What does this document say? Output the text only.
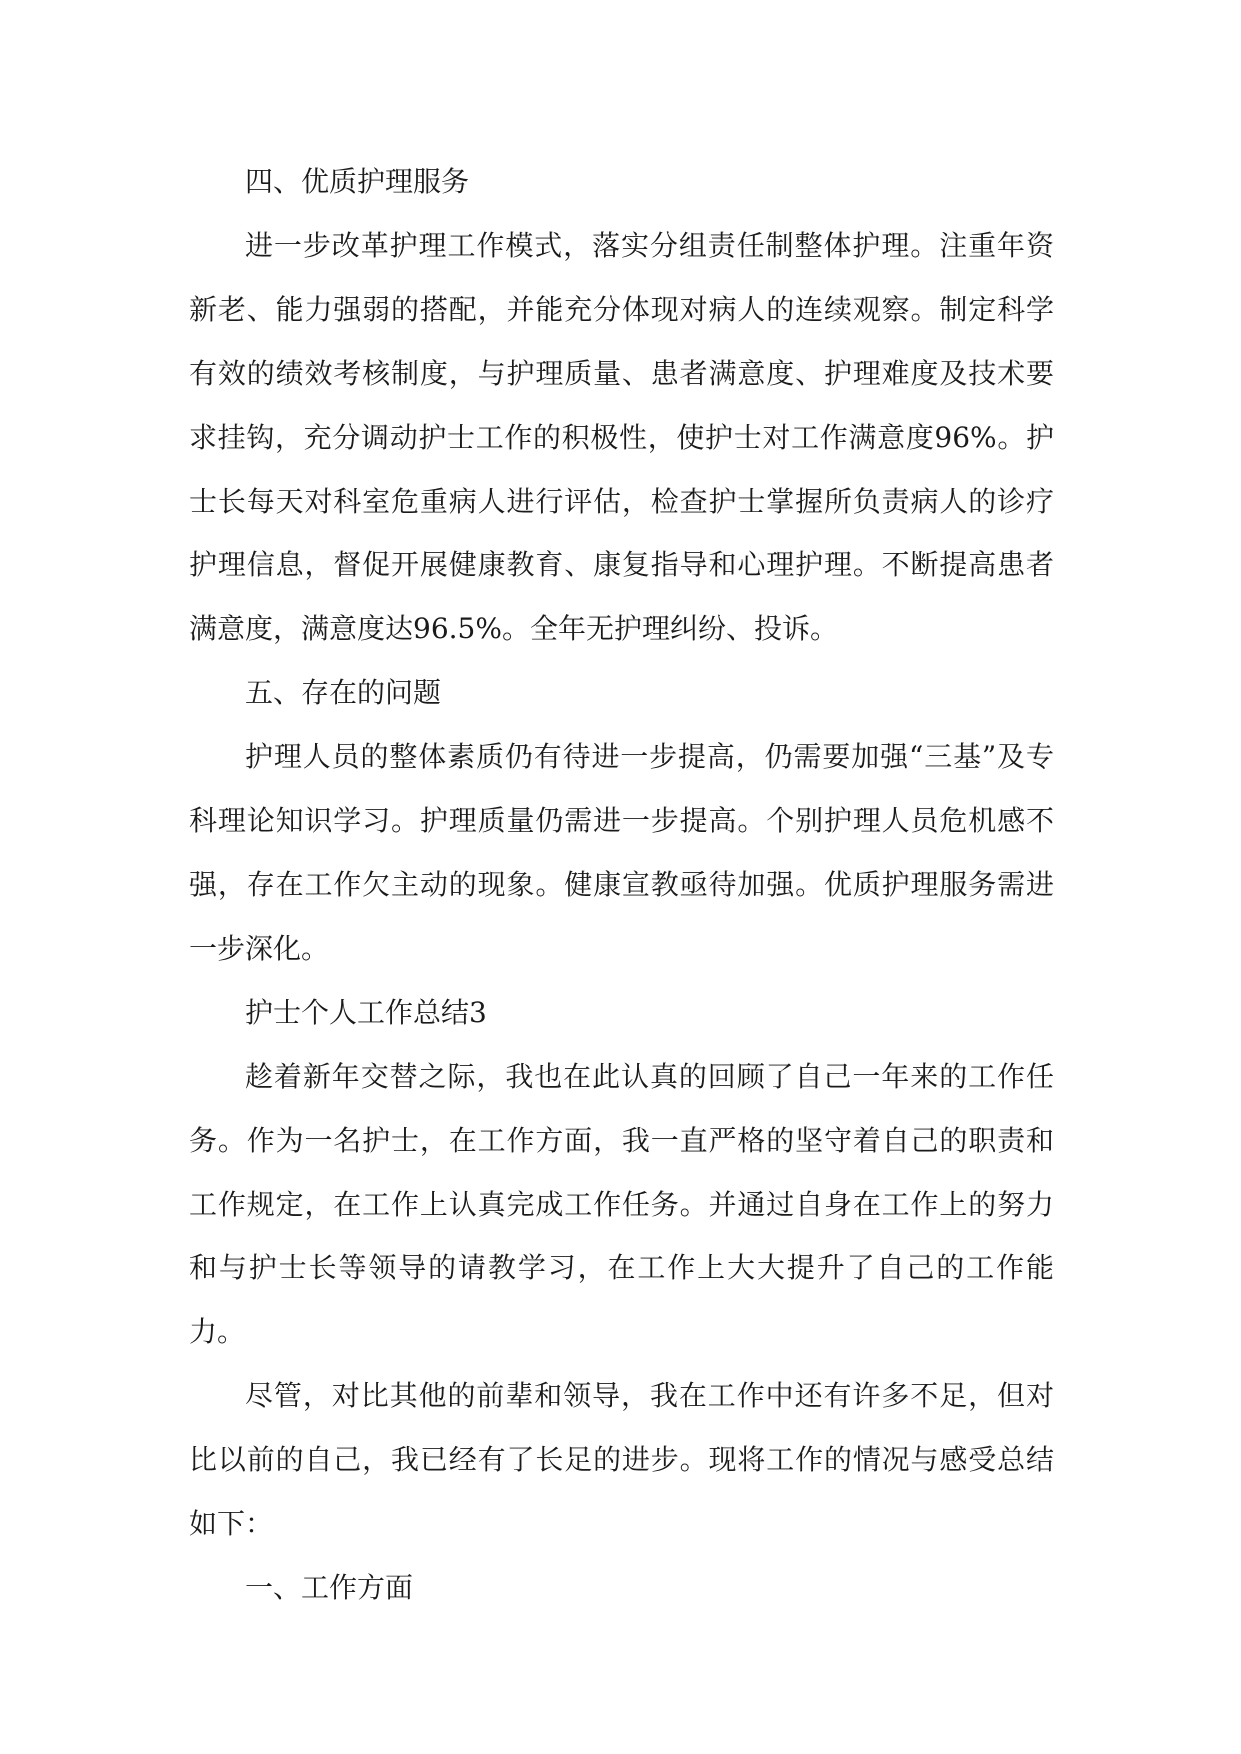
四、优质护理服务

进一步改革护理工作模式，落实分组责任制整体护理。注重年资新老、能力强弱的搭配，并能充分体现对病人的连续观察。制定科学有效的绩效考核制度，与护理质量、患者满意度、护理难度及技术要求挂钩，充分调动护士工作的积极性，使护士对工作满意度96%。护士长每天对科室危重病人进行评估，检查护士掌握所负责病人的诊疗护理信息，督促开展健康教育、康复指导和心理护理。不断提高患者满意度，满意度达96.5%。全年无护理纠纷、投诉。

五、存在的问题

护理人员的整体素质仍有待进一步提高，仍需要加强“三基”及专科理论知识学习。护理质量仍需进一步提高。个别护理人员危机感不强，存在工作欠主动的现象。健康宣教亟待加强。优质护理服务需进一步深化。

护士个人工作总结3

趁着新年交替之际，我也在此认真的回顾了自己一年来的工作任务。作为一名护士，在工作方面，我一直严格的坚守着自己的职责和工作规定，在工作上认真完成工作任务。并通过自身在工作上的努力和与护士长等领导的请教学习，在工作上大大提升了自己的工作能力。

尽管，对比其他的前辈和领导，我在工作中还有许多不足，但对比以前的自己，我已经有了长足的进步。现将工作的情况与感受总结如下：

一、工作方面
